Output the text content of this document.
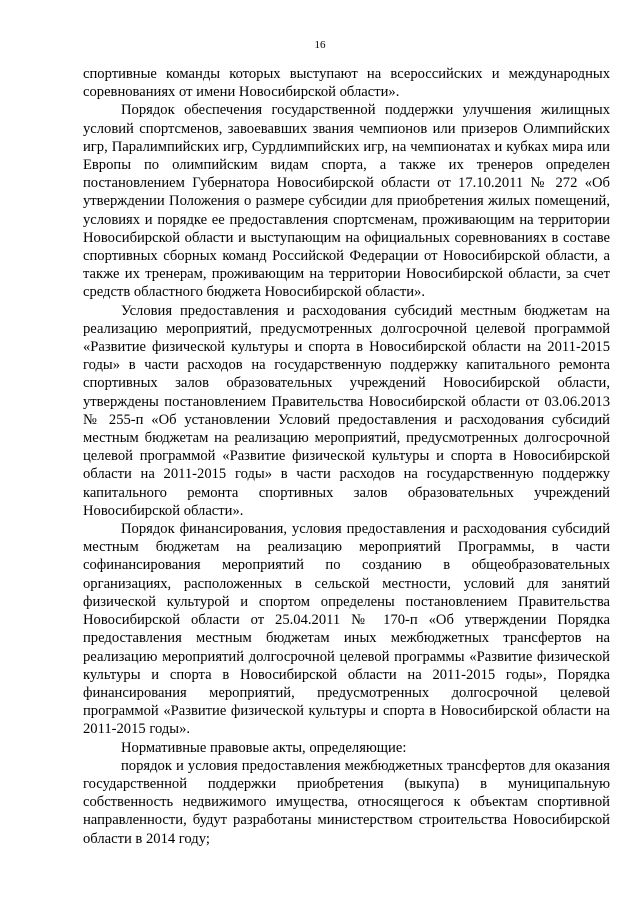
16

спортивные команды которых выступают на всероссийских и международных соревнованиях от имени Новосибирской области».

Порядок обеспечения государственной поддержки улучшения жилищных условий спортсменов, завоевавших звания чемпионов или призеров Олимпийских игр, Паралимпийских игр, Сурдлимпийских игр, на чемпионатах и кубках мира или Европы по олимпийским видам спорта, а также их тренеров определен постановлением Губернатора Новосибирской области от 17.10.2011 № 272 «Об утверждении Положения о размере субсидии для приобретения жилых помещений, условиях и порядке ее предоставления спортсменам, проживающим на территории Новосибирской области и выступающим на официальных соревнованиях в составе спортивных сборных команд Российской Федерации от Новосибирской области, а также их тренерам, проживающим на территории Новосибирской области, за счет средств областного бюджета Новосибирской области».

Условия предоставления и расходования субсидий местным бюджетам на реализацию мероприятий, предусмотренных долгосрочной целевой программой «Развитие физической культуры и спорта в Новосибирской области на 2011-2015 годы» в части расходов на государственную поддержку капитального ремонта спортивных залов образовательных учреждений Новосибирской области, утверждены постановлением Правительства Новосибирской области от 03.06.2013 № 255-п «Об установлении Условий предоставления и расходования субсидий местным бюджетам на реализацию мероприятий, предусмотренных долгосрочной целевой программой «Развитие физической культуры и спорта в Новосибирской области на 2011-2015 годы» в части расходов на государственную поддержку капитального ремонта спортивных залов образовательных учреждений Новосибирской области».

Порядок финансирования, условия предоставления и расходования субсидий местным бюджетам на реализацию мероприятий Программы, в части софинансирования мероприятий по созданию в общеобразовательных организациях, расположенных в сельской местности, условий для занятий физической культурой и спортом определены постановлением Правительства Новосибирской области от 25.04.2011 № 170-п «Об утверждении Порядка предоставления местным бюджетам иных межбюджетных трансфертов на реализацию мероприятий долгосрочной целевой программы «Развитие физической культуры и спорта в Новосибирской области на 2011-2015 годы», Порядка финансирования мероприятий, предусмотренных долгосрочной целевой программой «Развитие физической культуры и спорта в Новосибирской области на 2011-2015 годы».

Нормативные правовые акты, определяющие:

порядок и условия предоставления межбюджетных трансфертов для оказания государственной поддержки приобретения (выкупа) в муниципальную собственность недвижимого имущества, относящегося к объектам спортивной направленности, будут разработаны министерством строительства Новосибирской области в 2014 году;
